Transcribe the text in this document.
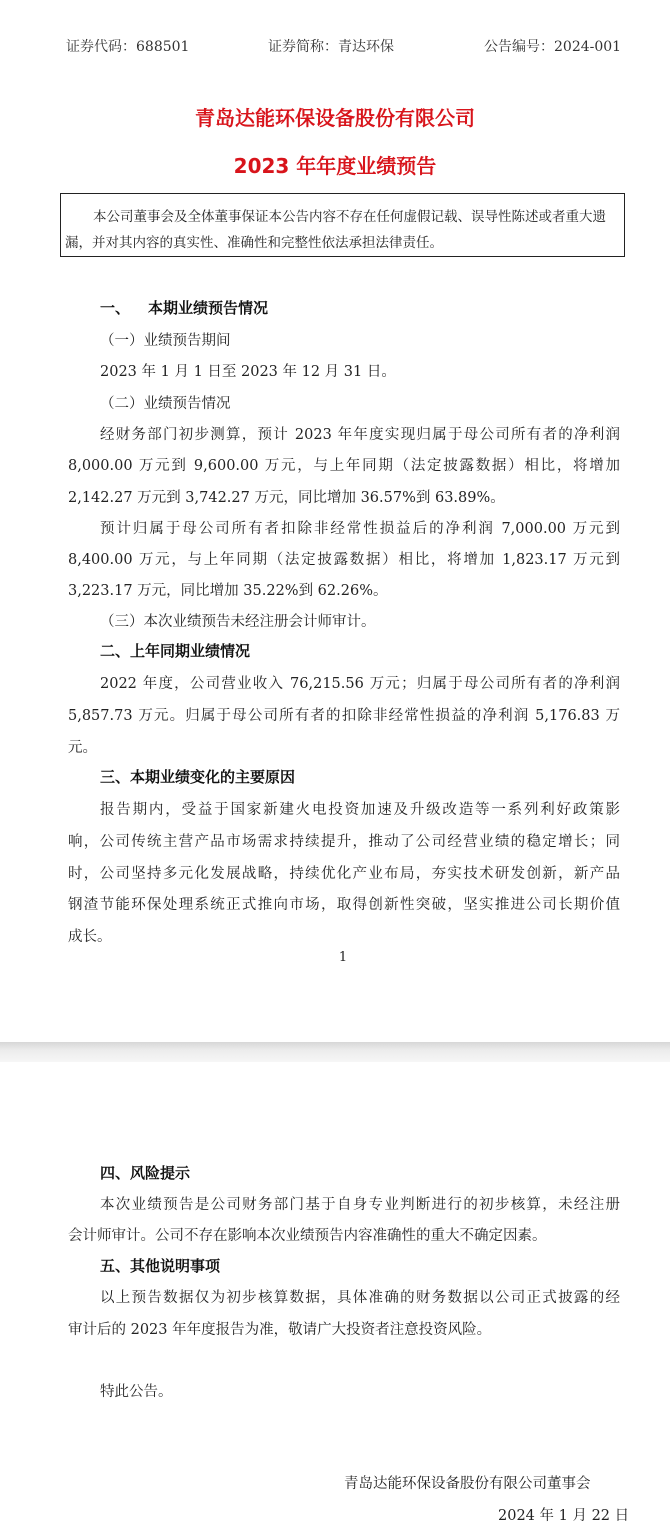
证券代码：688501	证券简称：青达环保	公告编号：2024-001
青岛达能环保设备股份有限公司
2023 年年度业绩预告
本公司董事会及全体董事保证本公告内容不存在任何虚假记载、误导性陈述或者重大遗
漏，并对其内容的真实性、准确性和完整性依法承担法律责任。
一、 本期业绩预告情况
（一）业绩预告期间
2023 年 1 月 1 日至 2023 年 12 月 31 日。
（二）业绩预告情况
经财务部门初步测算，预计 2023 年年度实现归属于母公司所有者的净利润
8,000.00 万元到 9,600.00 万元，与上年同期（法定披露数据）相比，将增加
2,142.27 万元到 3,742.27 万元，同比增加 36.57%到 63.89%。
预计归属于母公司所有者扣除非经常性损益后的净利润 7,000.00 万元到
8,400.00 万元，与上年同期（法定披露数据）相比，将增加 1,823.17 万元到
3,223.17 万元，同比增加 35.22%到 62.26%。
（三）本次业绩预告未经注册会计师审计。
二、上年同期业绩情况
2022 年度，公司营业收入 76,215.56 万元；归属于母公司所有者的净利润
5,857.73 万元。归属于母公司所有者的扣除非经常性损益的净利润 5,176.83 万
元。
三、本期业绩变化的主要原因
报告期内，受益于国家新建火电投资加速及升级改造等一系列利好政策影
响，公司传统主营产品市场需求持续提升，推动了公司经营业绩的稳定增长；同
时，公司坚持多元化发展战略，持续优化产业布局，夯实技术研发创新，新产品
钢渣节能环保处理系统正式推向市场，取得创新性突破，坚实推进公司长期价值
成长。
1
四、风险提示
本次业绩预告是公司财务部门基于自身专业判断进行的初步核算，未经注册
会计师审计。公司不存在影响本次业绩预告内容准确性的重大不确定因素。
五、其他说明事项
以上预告数据仅为初步核算数据，具体准确的财务数据以公司正式披露的经
审计后的 2023 年年度报告为准，敬请广大投资者注意投资风险。
特此公告。
青岛达能环保设备股份有限公司董事会
2024 年 1 月 22 日
